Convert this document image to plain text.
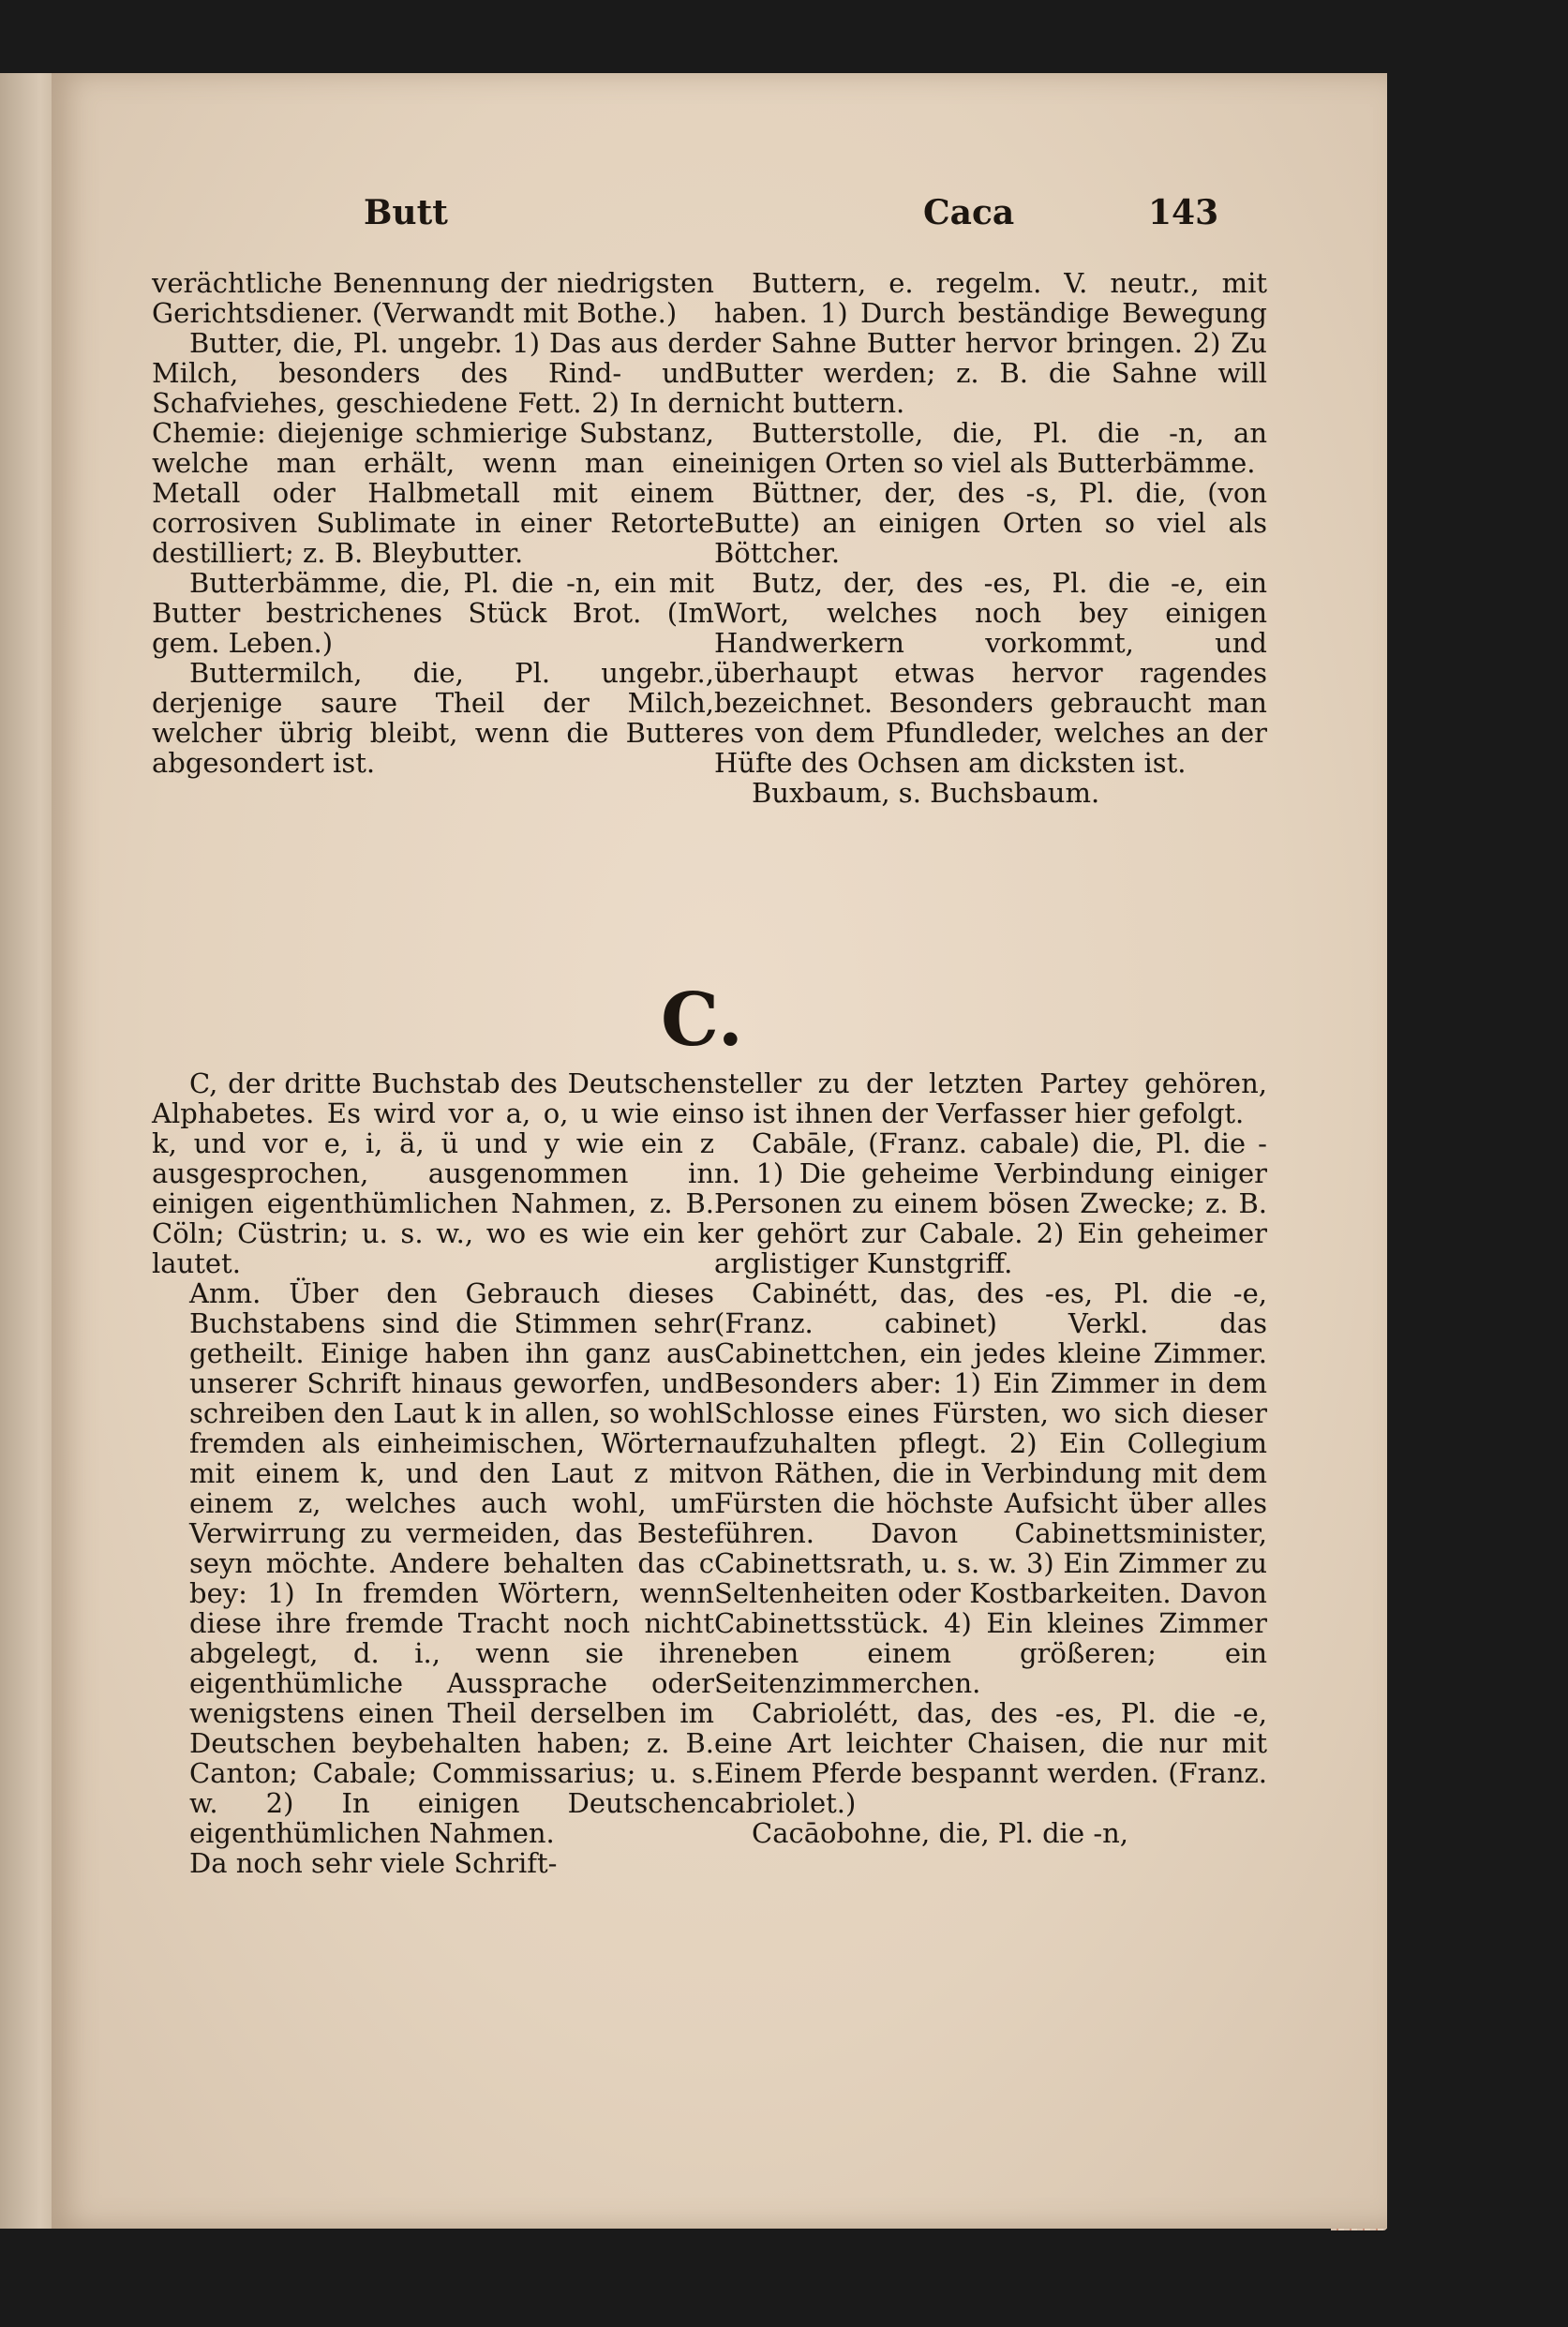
Butt	Caca	143

verächtliche Benennung der niedrigsten Gerichtsdiener. (Verwandt mit Bothe.)

Butter, die, Pl. ungebr. 1) Das aus der Milch, besonders des Rind- und Schafviehes, geschiedene Fett. 2) In der Chemie: diejenige schmierige Substanz, welche man erhält, wenn man ein Metall oder Halbmetall mit einem corrosiven Sublimate in einer Retorte destilliert; z. B. Bleybutter.

Butterbämme, die, Pl. die -n, ein mit Butter bestrichenes Stück Brot. (Im gem. Leben.)

Buttermilch, die, Pl. ungebr., derjenige saure Theil der Milch, welcher übrig bleibt, wenn die Butter abgesondert ist.

Buttern, e. regelm. V. neutr., mit haben. 1) Durch beständige Bewegung der Sahne Butter hervor bringen. 2) Zu Butter werden; z. B. die Sahne will nicht buttern.

Butterstolle, die, Pl. die -n, an einigen Orten so viel als Butterbämme.

Büttner, der, des -s, Pl. die, (von Butte) an einigen Orten so viel als Böttcher.

Butz, der, des -es, Pl. die -e, ein Wort, welches noch bey einigen Handwerkern vorkommt, und überhaupt etwas hervor ragendes bezeichnet. Besonders gebraucht man es von dem Pfundleder, welches an der Hüfte des Ochsen am dicksten ist.

Buxbaum, s. Buchsbaum.

C.

C, der dritte Buchstab des Deutschen Alphabetes. Es wird vor a, o, u wie ein k, und vor e, i, ä, ü und y wie ein z ausgesprochen, ausgenommen in einigen eigenthümlichen Nahmen, z. B. Cöln; Cüstrin; u. s. w., wo es wie ein k lautet.

Anm. Über den Gebrauch dieses Buchstabens sind die Stimmen sehr getheilt. Einige haben ihn ganz aus unserer Schrift hinaus geworfen, und schreiben den Laut k in allen, so wohl fremden als einheimischen, Wörtern mit einem k, und den Laut z mit einem z, welches auch wohl, um Verwirrung zu vermeiden, das Beste seyn möchte. Andere behalten das c bey: 1) In fremden Wörtern, wenn diese ihre fremde Tracht noch nicht abgelegt, d. i., wenn sie ihre eigenthümliche Aussprache oder wenigstens einen Theil derselben im Deutschen beybehalten haben; z. B. Canton; Cabale; Commissarius; u. s. w. 2) In einigen Deutschen eigenthümlichen Nahmen.

Da noch sehr viele Schrift-

steller zu der letzten Partey gehören, so ist ihnen der Verfasser hier gefolgt.

Cabāle, (Franz. cabale) die, Pl. die -n. 1) Die geheime Verbindung einiger Personen zu einem bösen Zwecke; z. B. er gehört zur Cabale. 2) Ein geheimer arglistiger Kunstgriff.

Cabinétt, das, des -es, Pl. die -e, (Franz. cabinet) Verkl. das Cabinettchen, ein jedes kleine Zimmer. Besonders aber: 1) Ein Zimmer in dem Schlosse eines Fürsten, wo sich dieser aufzuhalten pflegt. 2) Ein Collegium von Räthen, die in Verbindung mit dem Fürsten die höchste Aufsicht über alles führen. Davon Cabinettsminister, Cabinettsrath, u. s. w. 3) Ein Zimmer zu Seltenheiten oder Kostbarkeiten. Davon Cabinettsstück. 4) Ein kleines Zimmer neben einem größeren; ein Seitenzimmerchen.

Cabriolétt, das, des -es, Pl. die -e, eine Art leichter Chaisen, die nur mit Einem Pferde bespannt werden. (Franz. cabriolet.)

Cacāobohne, die, Pl. die -n,
